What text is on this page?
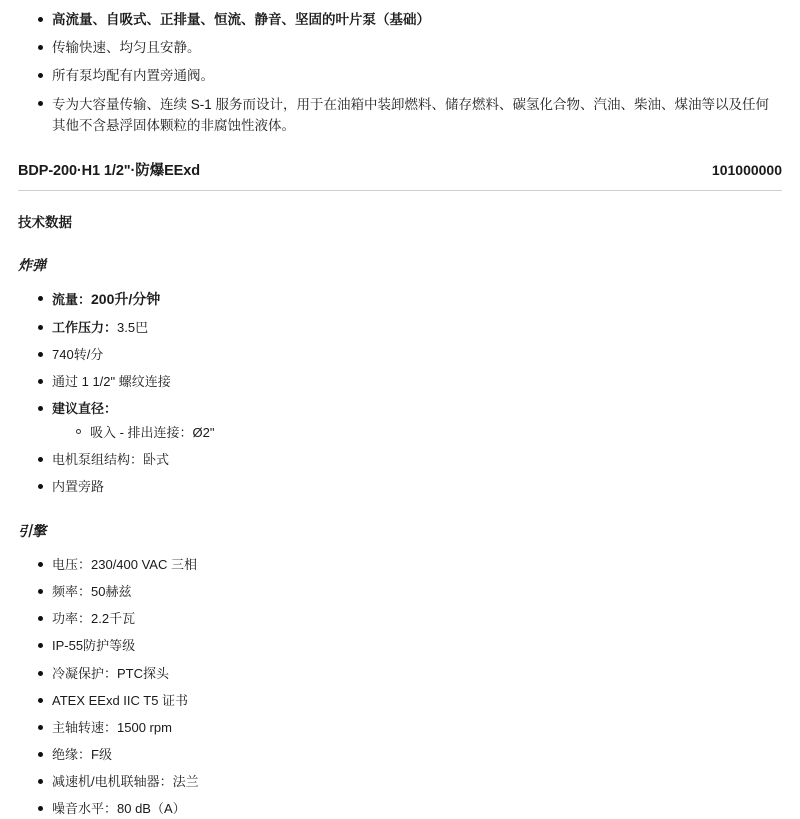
高流量、自吸式、正排量、恒流、静音、坚固的叶片泵（基础）
传输快速、均匀且安静。
所有泵均配有内置旁通阀。
专为大容量传输、连续 S-1 服务而设计，用于在油箱中装卸燃料、储存燃料、碳氢化合物、汽油、柴油、煤油等以及任何其他不含悬浮固体颗粒的非腐蚀性液体。
BDP-200·H1 1/2"·防爆EExd	101000000
技术数据
炸弹
流量：200升/分钟
工作压力：3.5巴
740转/分
通过 1 1/2" 螺纹连接
建议直径：
吸入 - 排出连接：Ø2"
电机泵组结构：卧式
内置旁路
引擎
电压：230/400 VAC 三相
频率：50赫兹
功率：2.2千瓦
IP-55防护等级
冷凝保护：PTC探头
ATEX EExd IIC T5 证书
主轴转速：1500 rpm
绝缘：F级
减速机/电机联轴器：法兰
噪音水平：80 dB（A）
